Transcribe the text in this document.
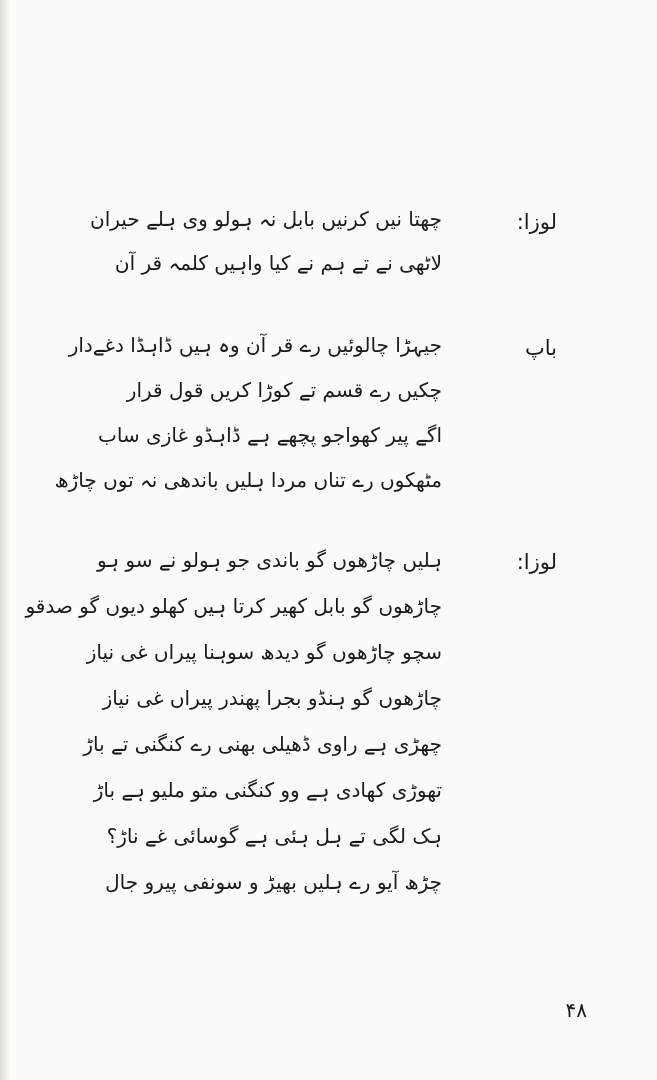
لوزا:
چھتا نیں کرنیں بابل نہ ہولو وی ہلے حیران
لاٹھی نے تے ہم نے کیا واہیں کلمہ قر آن
باپ
جیہڑا چالوئیں رے قر آن وہ ہیں ڈاہڈا دغےدار
چکیں رے قسم تے کوڑا کریں قول قرار
اگے پیر کھواجو پچھے ہے ڈاہڈو غازی ساب
مٹھکوں رے تناں مردا ہلیں باندھی نہ توں چاڑھ
لوزا:
ہلیں چاڑھوں گو باندی جو ہولو نے سو ہو
چاڑھوں گو بابل کھیر کرتا ہیں کھلو دیوں گو صدقو
سچو چاڑھوں گو دیدھ سوہنا پیراں غی نیاز
چاڑھوں گو ہنڈو بجرا پھندر پیراں غی نیاز
چھڑی ہے راوی ڈھیلی بھنی رے کنگنی تے باڑ
تھوڑی کھادی ہے وو کنگنی متو ملیو ہے باڑ
ہک لگی تے ہل ہئی ہے گوسائی غے ناڑ؟
چڑھ آیو رے ہلیں بھیڑ و سونفی پیرو جال
۴۸
